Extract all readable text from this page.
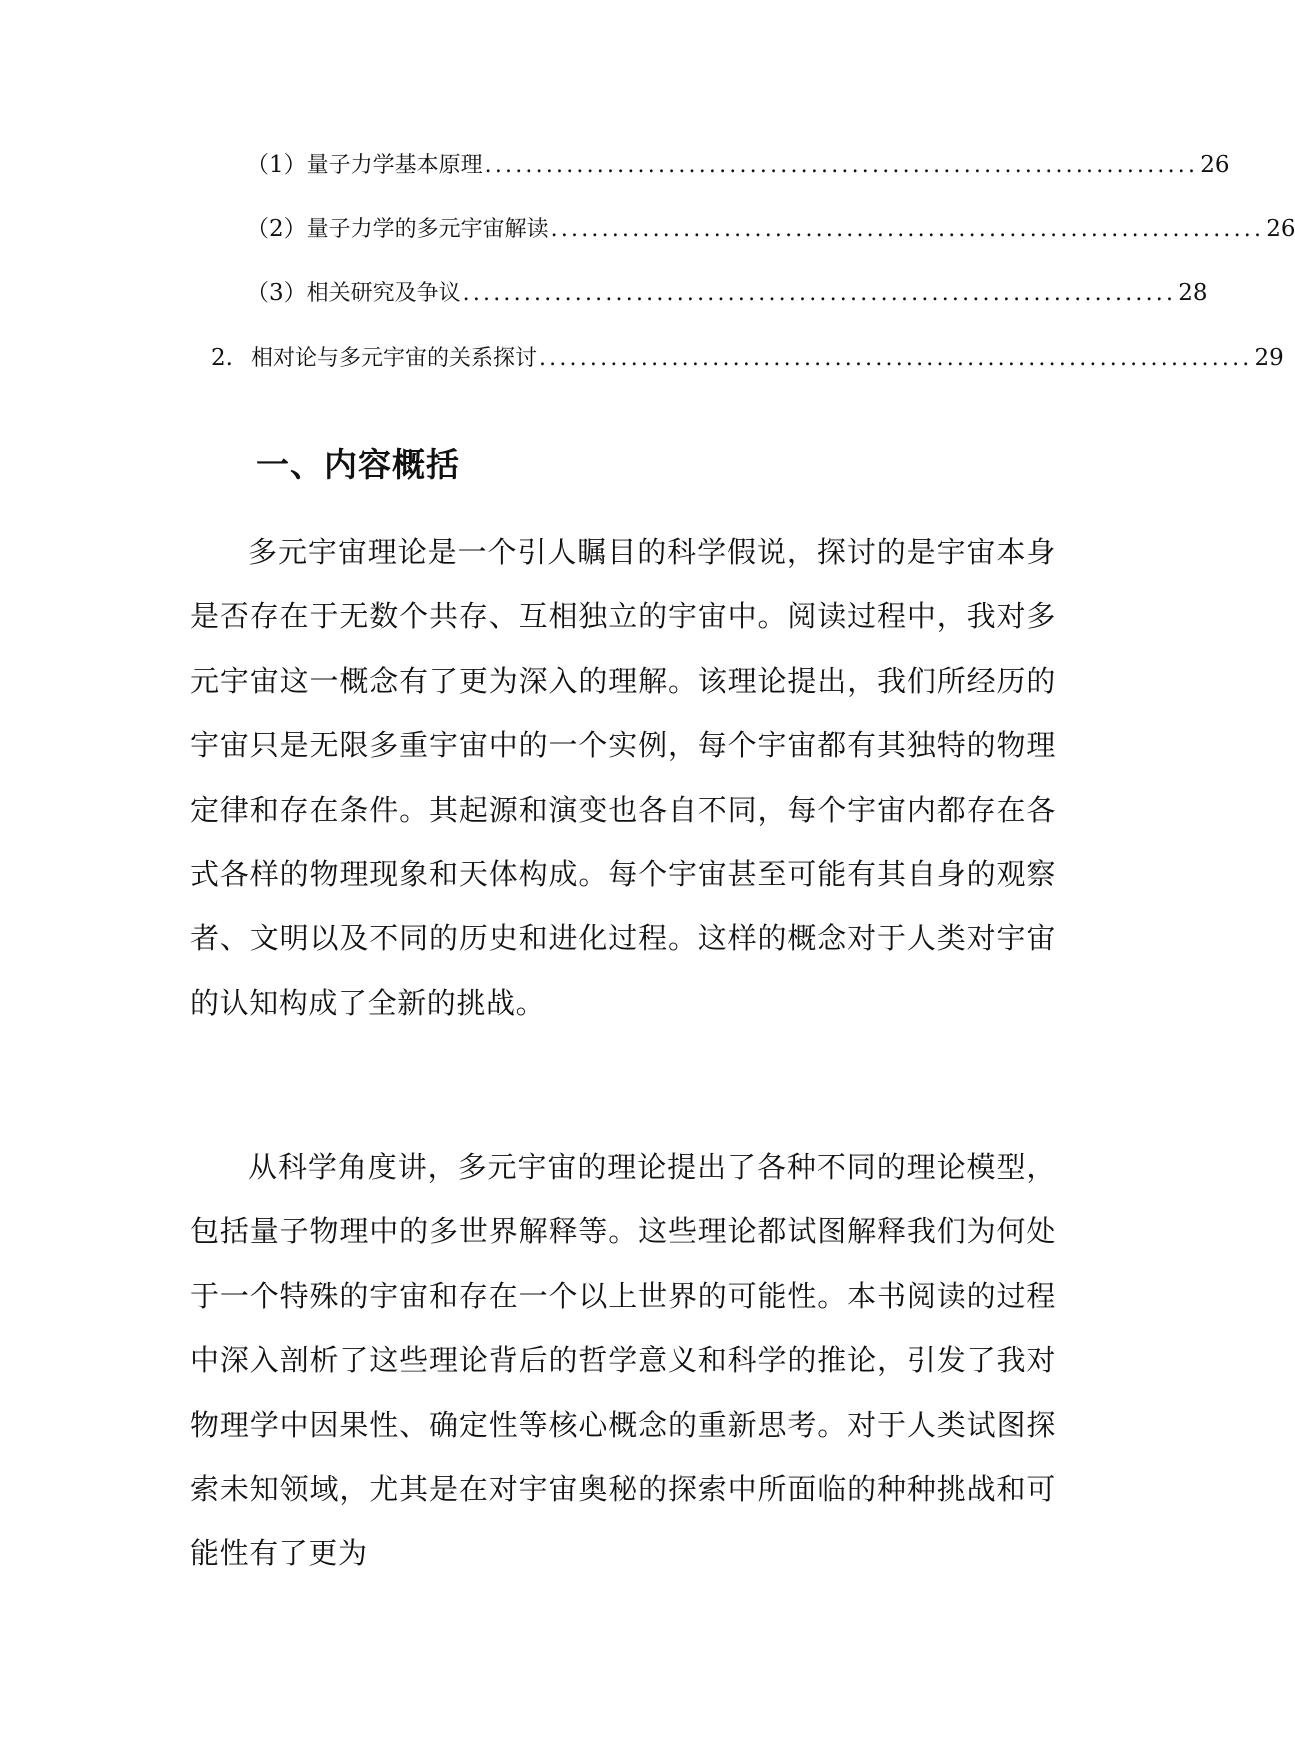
（1） 量子力学基本原理 ...................................................................... 26
（2） 量子力学的多元宇宙解读 ...................................................................... 26
（3） 相关研究及争议 ...................................................................... 28
2. 相对论与多元宇宙的关系探讨 ...................................................................... 29
一、内容概括

多元宇宙理论是一个引人瞩目的科学假说，探讨的是宇宙本身是否存在于无数个共存、互相独立的宇宙中。阅读过程中，我对多元宇宙这一概念有了更为深入的理解。该理论提出，我们所经历的宇宙只是无限多重宇宙中的一个实例，每个宇宙都有其独特的物理定律和存在条件。其起源和演变也各自不同，每个宇宙内都存在各式各样的物理现象和天体构成。每个宇宙甚至可能有其自身的观察者、文明以及不同的历史和进化过程。这样的概念对于人类对宇宙的认知构成了全新的挑战。

从科学角度讲，多元宇宙的理论提出了各种不同的理论模型，包括量子物理中的多世界解释等。这些理论都试图解释我们为何处于一个特殊的宇宙和存在一个以上世界的可能性。本书阅读的过程中深入剖析了这些理论背后的哲学意义和科学的推论，引发了我对物理学中因果性、确定性等核心概念的重新思考。对于人类试图探索未知领域，尤其是在对宇宙奥秘的探索中所面临的种种挑战和可能性有了更为
